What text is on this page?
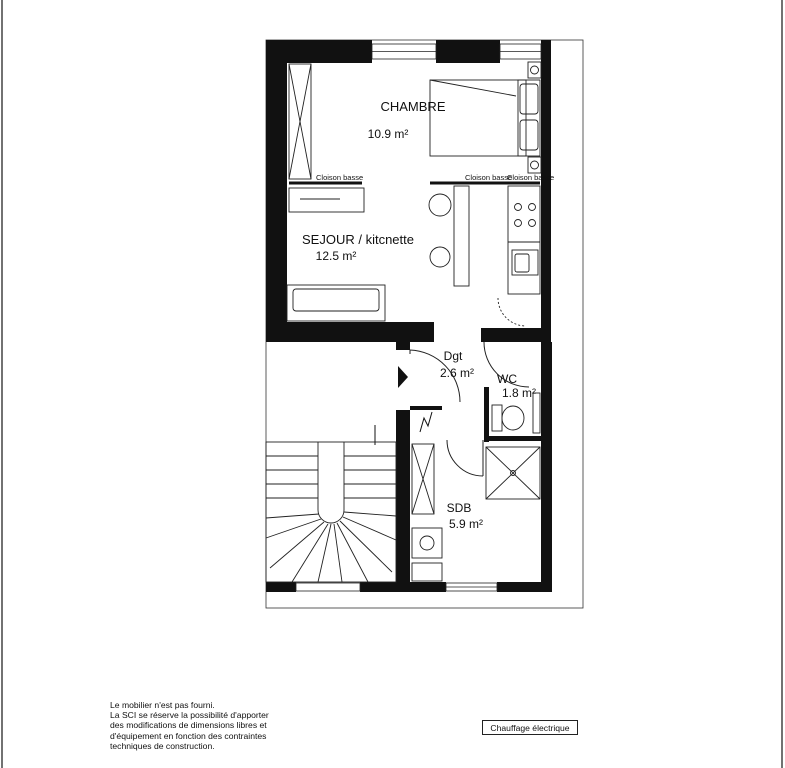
CHAMBRE
10.9 m²
SEJOUR / kitcnette
12.5 m²
Dgt
2.6 m² WC
1.8 m²
SDB
5.9 m²
Cloison basse	Cloison basse
Cloison basse
Le mobilier n'est pas fourni.
La SCI se réserve la possibilité d'apporter
des modifications de dimensions libres et
d'équipement en fonction des contraintes
techniques de construction.
Chauffage électrique
